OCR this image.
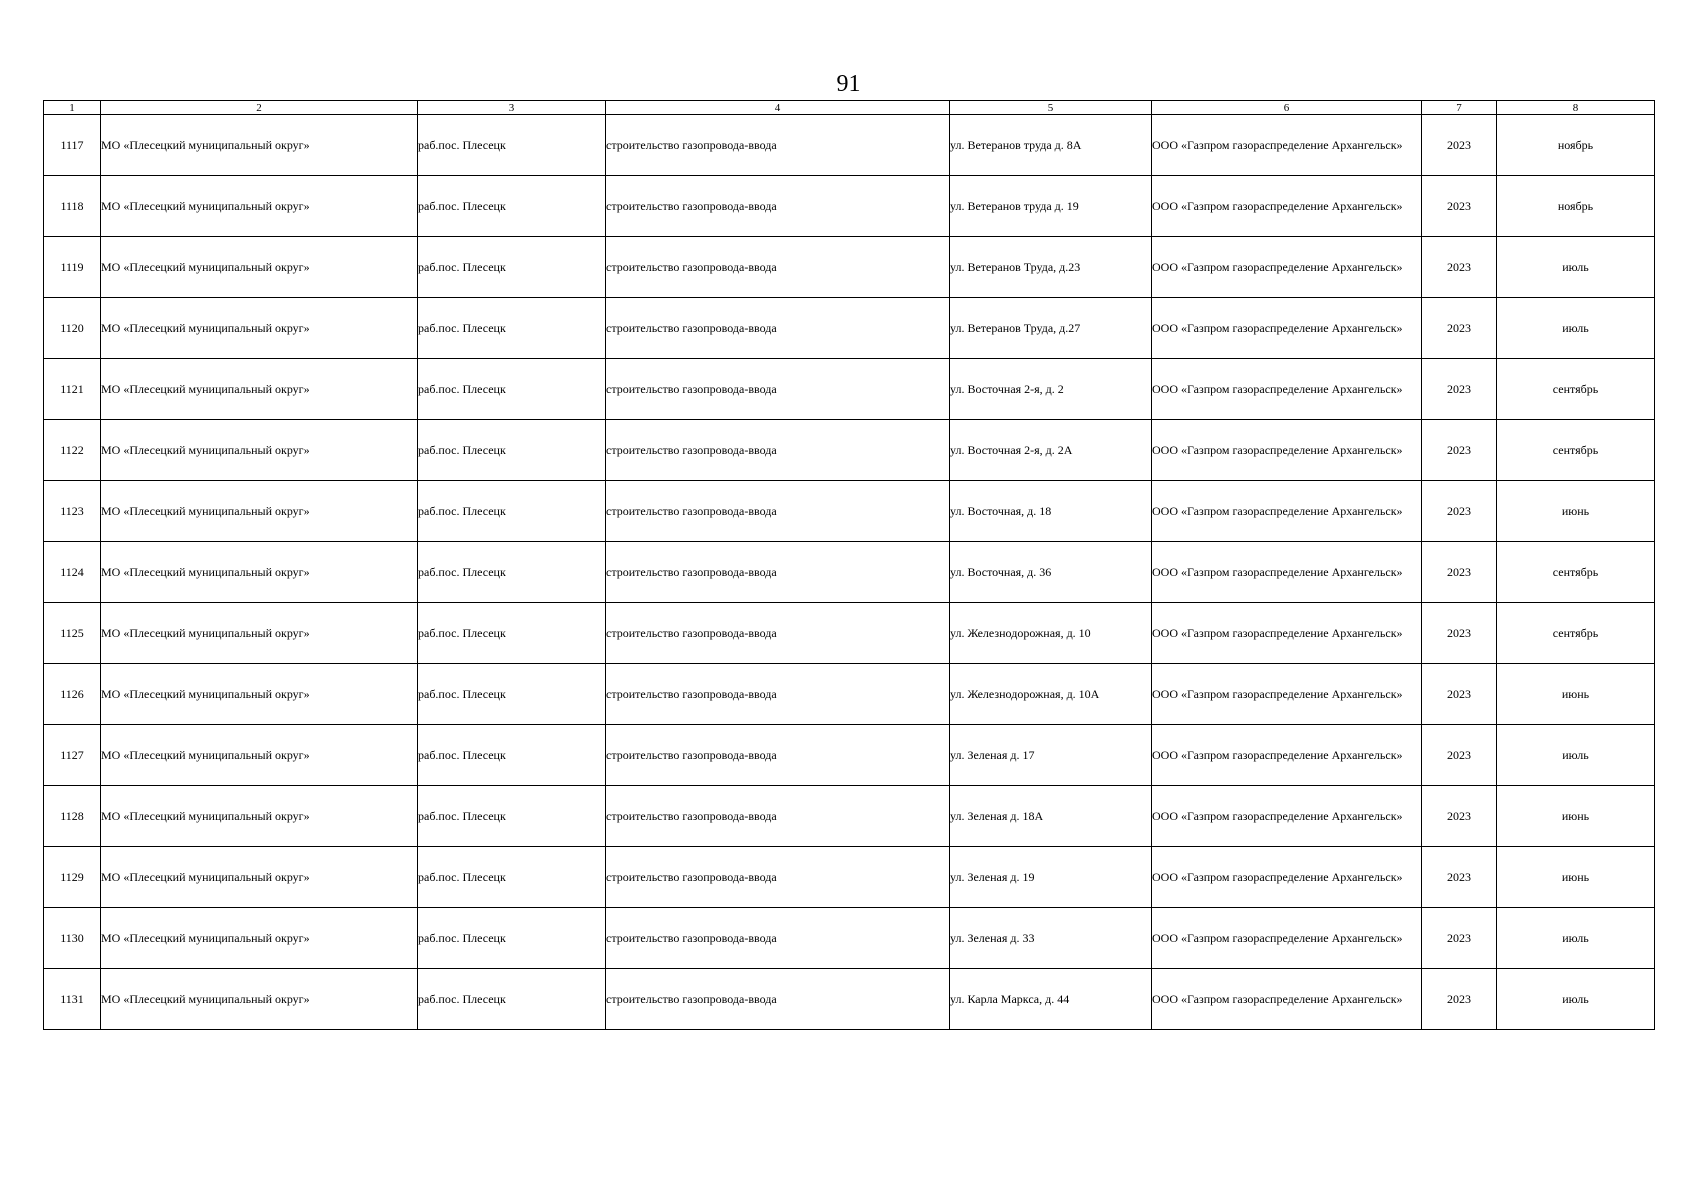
91
1	2	3	4	5	6	7	8
1117	МО «Плесецкий муниципальный округ»	раб.пос. Плесецк	строительство газопровода-ввода	ул. Ветеранов труда д. 8А	ООО «Газпром газораспределение Архангельск»	2023	ноябрь
1118	МО «Плесецкий муниципальный округ»	раб.пос. Плесецк	строительство газопровода-ввода	ул. Ветеранов труда д. 19	ООО «Газпром газораспределение Архангельск»	2023	ноябрь
1119	МО «Плесецкий муниципальный округ»	раб.пос. Плесецк	строительство газопровода-ввода	ул. Ветеранов Труда, д.23	ООО «Газпром газораспределение Архангельск»	2023	июль
1120	МО «Плесецкий муниципальный округ»	раб.пос. Плесецк	строительство газопровода-ввода	ул. Ветеранов Труда, д.27	ООО «Газпром газораспределение Архангельск»	2023	июль
1121	МО «Плесецкий муниципальный округ»	раб.пос. Плесецк	строительство газопровода-ввода	ул. Восточная 2-я, д. 2	ООО «Газпром газораспределение Архангельск»	2023	сентябрь
1122	МО «Плесецкий муниципальный округ»	раб.пос. Плесецк	строительство газопровода-ввода	ул. Восточная 2-я, д. 2А	ООО «Газпром газораспределение Архангельск»	2023	сентябрь
1123	МО «Плесецкий муниципальный округ»	раб.пос. Плесецк	строительство газопровода-ввода	ул. Восточная, д. 18	ООО «Газпром газораспределение Архангельск»	2023	июнь
1124	МО «Плесецкий муниципальный округ»	раб.пос. Плесецк	строительство газопровода-ввода	ул. Восточная, д. 36	ООО «Газпром газораспределение Архангельск»	2023	сентябрь
1125	МО «Плесецкий муниципальный округ»	раб.пос. Плесецк	строительство газопровода-ввода	ул. Железнодорожная, д. 10	ООО «Газпром газораспределение Архангельск»	2023	сентябрь
1126	МО «Плесецкий муниципальный округ»	раб.пос. Плесецк	строительство газопровода-ввода	ул. Железнодорожная, д. 10А	ООО «Газпром газораспределение Архангельск»	2023	июнь
1127	МО «Плесецкий муниципальный округ»	раб.пос. Плесецк	строительство газопровода-ввода	ул. Зеленая д. 17	ООО «Газпром газораспределение Архангельск»	2023	июль
1128	МО «Плесецкий муниципальный округ»	раб.пос. Плесецк	строительство газопровода-ввода	ул. Зеленая д. 18А	ООО «Газпром газораспределение Архангельск»	2023	июнь
1129	МО «Плесецкий муниципальный округ»	раб.пос. Плесецк	строительство газопровода-ввода	ул. Зеленая д. 19	ООО «Газпром газораспределение Архангельск»	2023	июнь
1130	МО «Плесецкий муниципальный округ»	раб.пос. Плесецк	строительство газопровода-ввода	ул. Зеленая д. 33	ООО «Газпром газораспределение Архангельск»	2023	июль
1131	МО «Плесецкий муниципальный округ»	раб.пос. Плесецк	строительство газопровода-ввода	ул. Карла Маркса, д. 44	ООО «Газпром газораспределение Архангельск»	2023	июль
